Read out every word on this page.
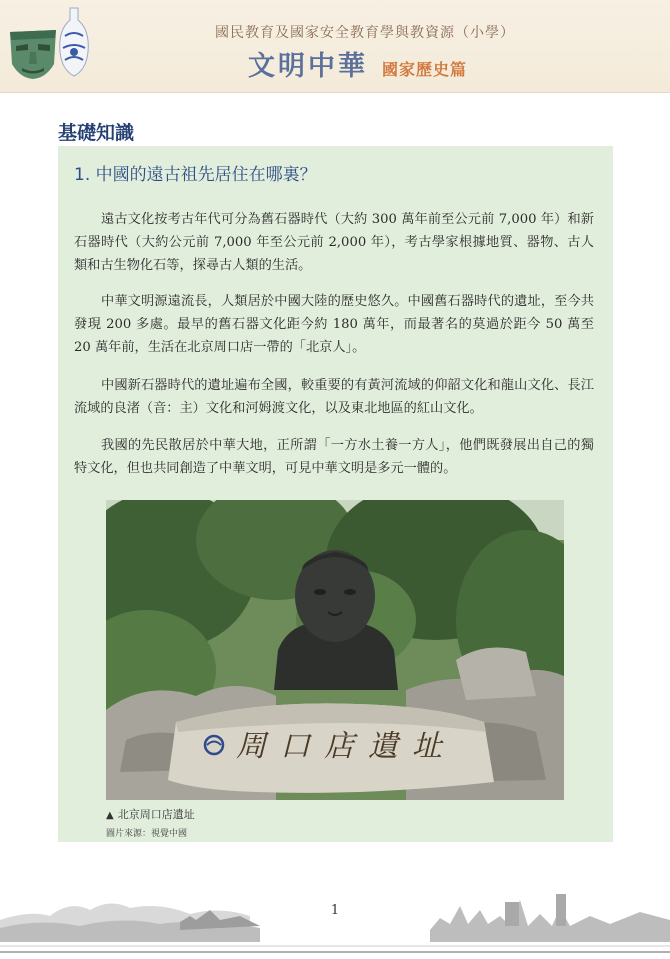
國民教育及國家安全教育學與教資源（小學）
文明中華 國家歷史篇
基礎知識
1. 中國的遠古祖先居住在哪裏？

遠古文化按考古年代可分為舊石器時代（大約 300 萬年前至公元前 7,000 年）和新石器時代（大約公元前 7,000 年至公元前 2,000 年），考古學家根據地質、器物、古人類和古生物化石等，探尋古人類的生活。

中華文明源遠流長，人類居於中國大陸的歷史悠久。中國舊石器時代的遺址，至今共發現 200 多處。最早的舊石器文化距今約 180 萬年，而最著名的莫過於距今 50 萬至 20 萬年前，生活在北京周口店一帶的「北京人」。

中國新石器時代的遺址遍布全國，較重要的有黃河流域的仰韶文化和龍山文化、長江流域的良渚（音：主）文化和河姆渡文化，以及東北地區的紅山文化。

我國的先民散居於中華大地，正所謂「一方水土養一方人」，他們既發展出自己的獨特文化，但也共同創造了中華文明，可見中華文明是多元一體的。

周口店遺址
▲ 北京周口店遺址
圖片來源：視覺中國
1
